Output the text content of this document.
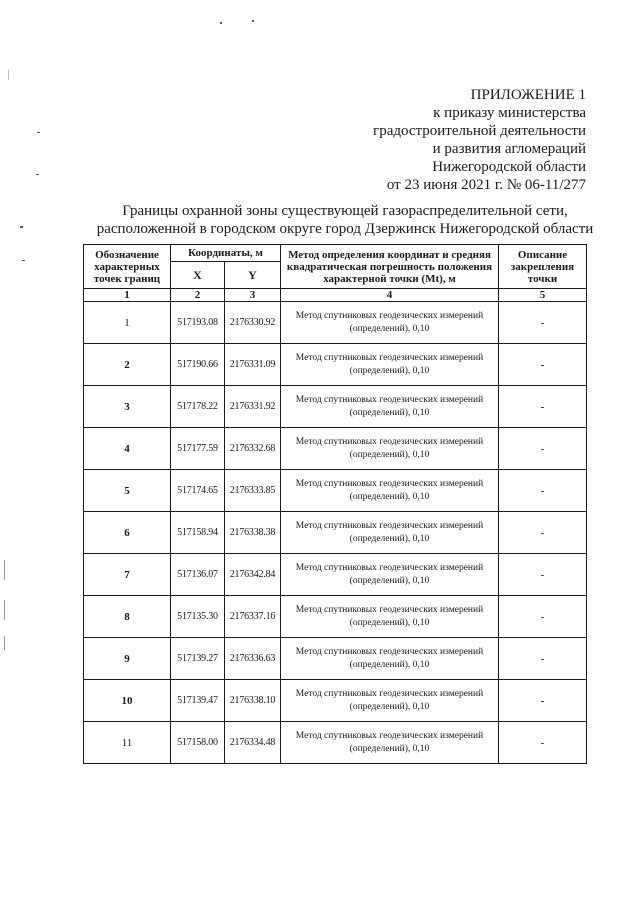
ПРИЛОЖЕНИЕ 1
к приказу министерства
градостроительной деятельности
и развития агломераций
Нижегородской области
от 23 июня 2021 г. № 06-11/277
Границы охранной зоны существующей газораспределительной сети,
расположенной в городском округе город Дзержинск Нижегородской области
Обозначение характерных точек границ	Координаты, м		Метод определения координат и средняя квадратическая погрешность положения характерной точки (Mt), м	Описание закрепления точки
	X	Y		
1	2	3	4	5
1	517193.08	2176330.92	Метод спутниковых геодезических измерений (определений), 0,10	-
2	517190.66	2176331.09	Метод спутниковых геодезических измерений (определений), 0,10	-
3	517178.22	2176331.92	Метод спутниковых геодезических измерений (определений), 0,10	-
4	517177.59	2176332.68	Метод спутниковых геодезических измерений (определений), 0,10	-
5	517174.65	2176333.85	Метод спутниковых геодезических измерений (определений), 0,10	-
6	517158.94	2176338.38	Метод спутниковых геодезических измерений (определений), 0,10	-
7	517136.07	2176342.84	Метод спутниковых геодезических измерений (определений), 0,10	-
8	517135.30	2176337.16	Метод спутниковых геодезических измерений (определений), 0,10	-
9	517139.27	2176336.63	Метод спутниковых геодезических измерений (определений), 0,10	-
10	517139.47	2176338.10	Метод спутниковых геодезических измерений (определений), 0,10	-
11	517158.00	2176334.48	Метод спутниковых геодезических измерений (определений), 0,10	-
